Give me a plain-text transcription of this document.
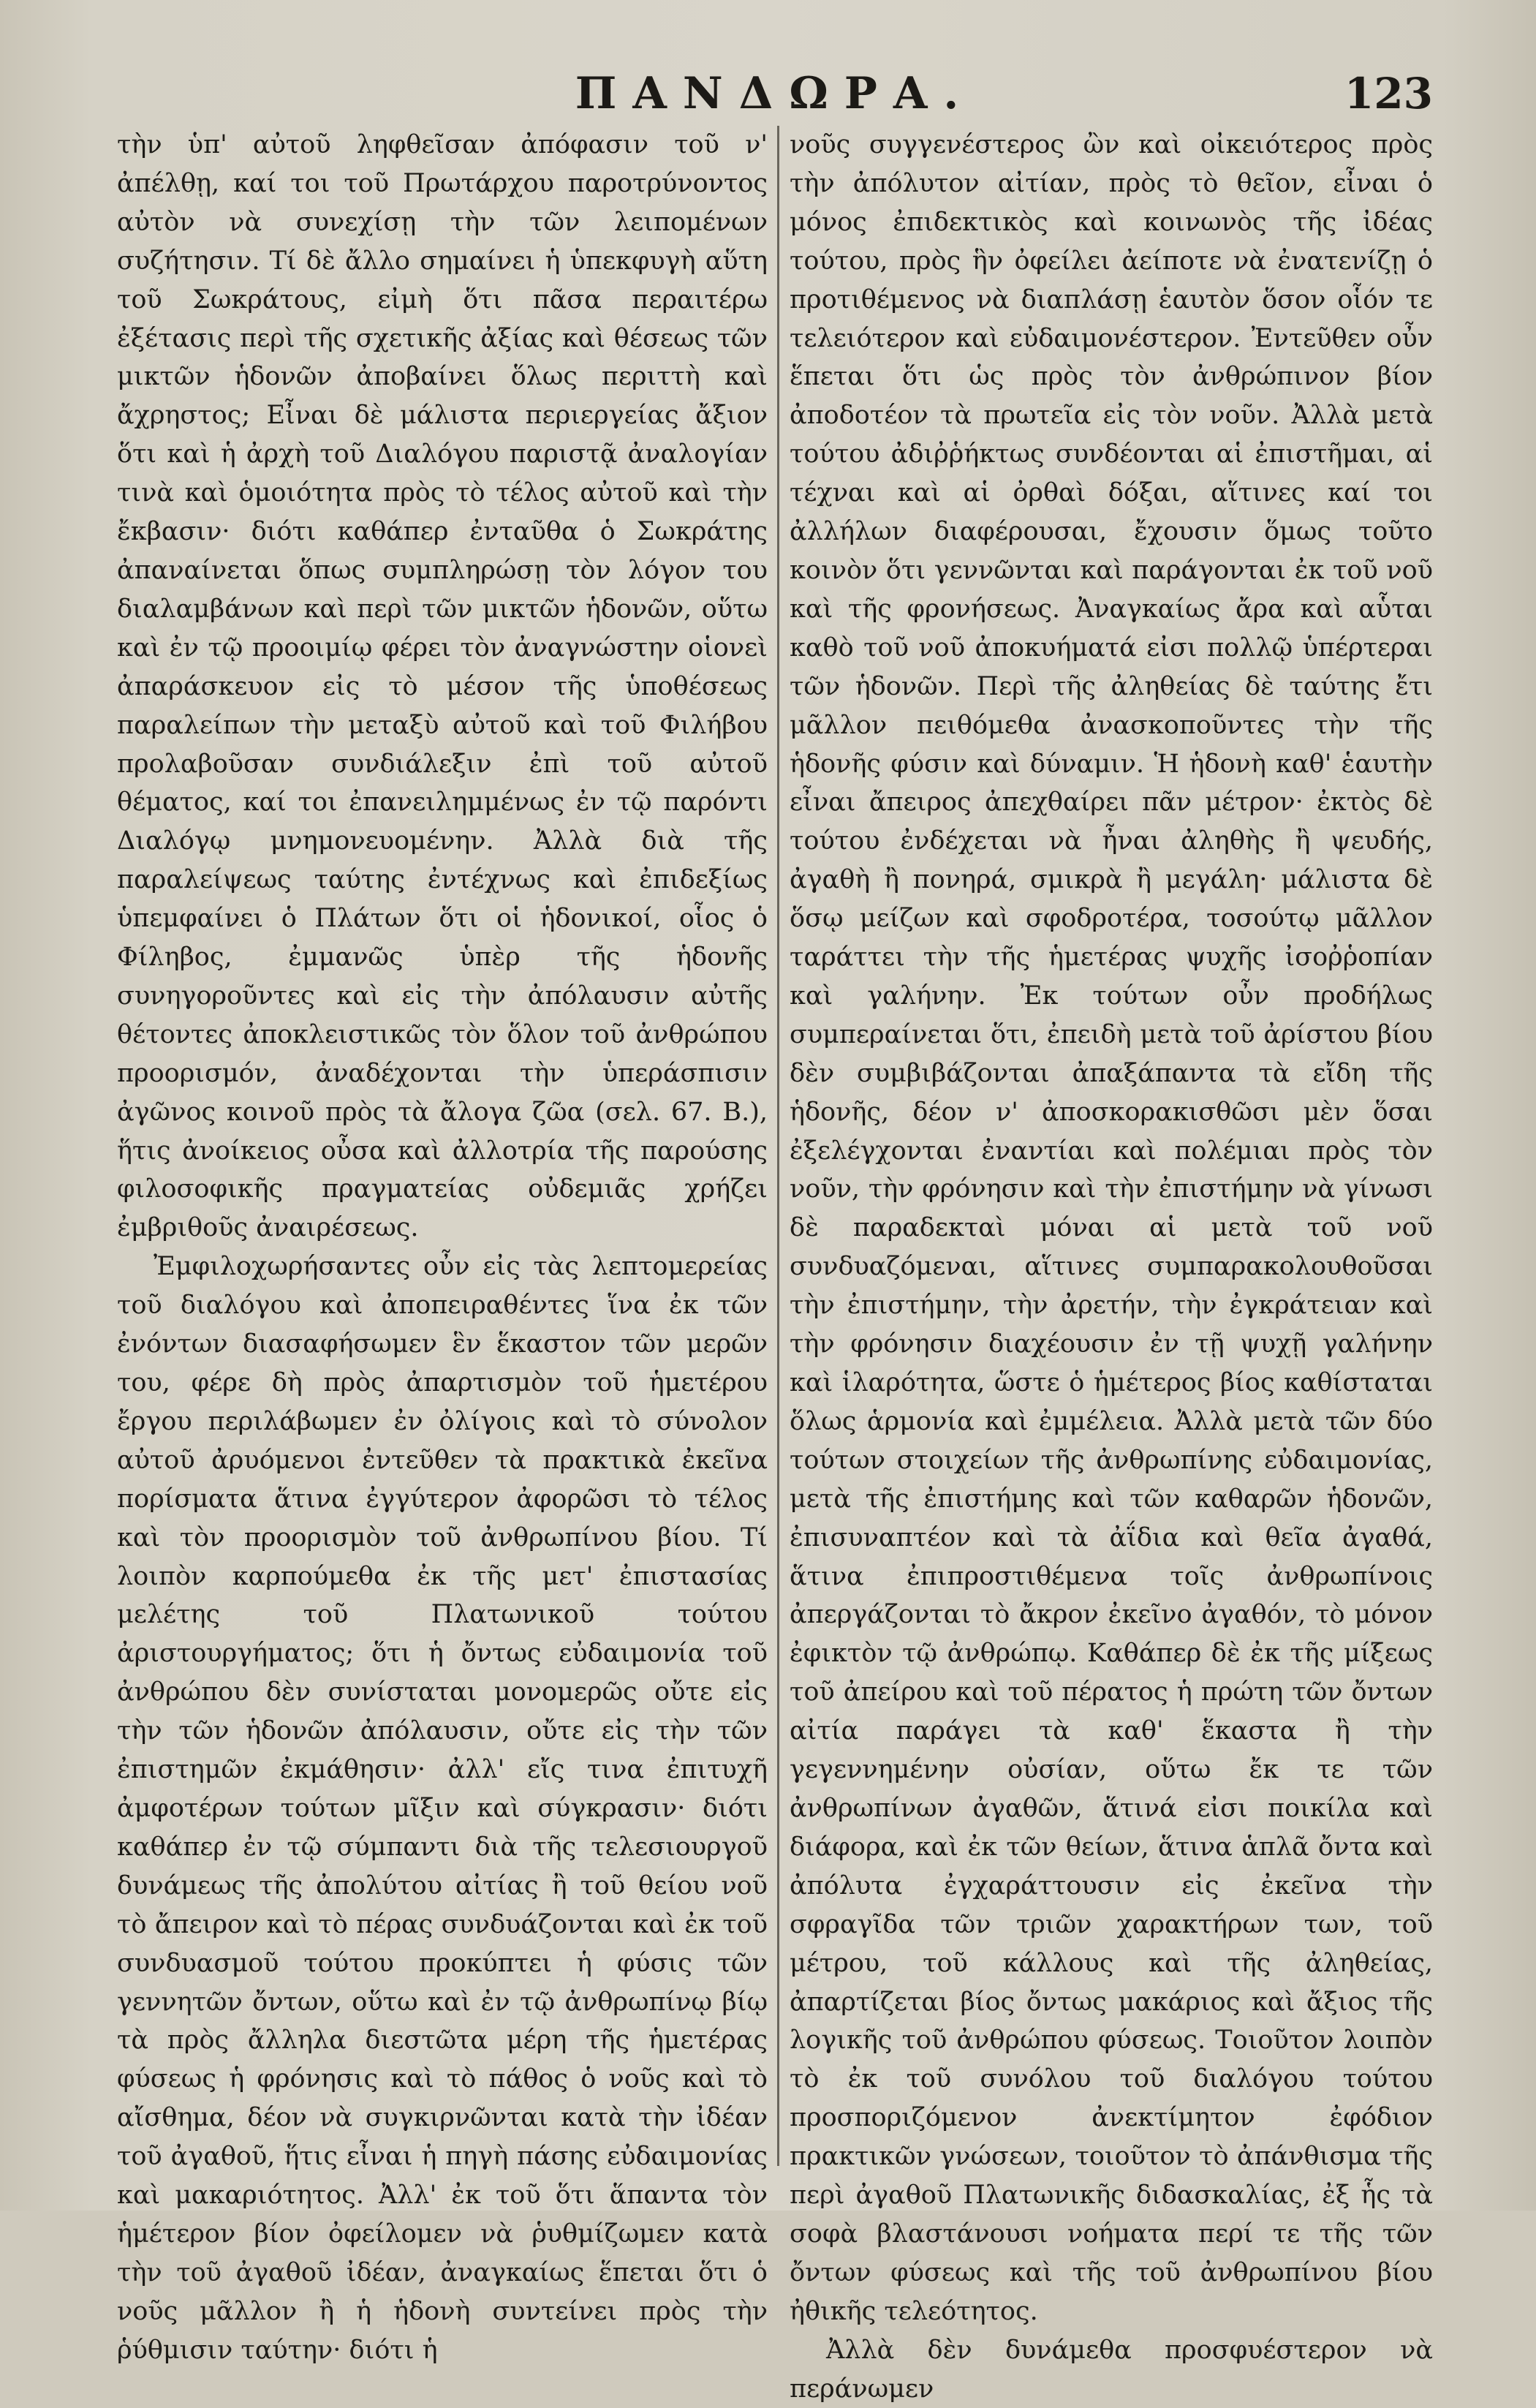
ΠΑΝΔΩΡΑ.	123

τὴν ὑπ' αὐτοῦ ληφθεῖσαν ἀπόφασιν τοῦ ν' ἀπέλθῃ, καί τοι τοῦ Πρωτάρχου παροτρύνοντος αὐτὸν νὰ συνεχίσῃ τὴν τῶν λειπομένων συζήτησιν. Τί δὲ ἄλλο σημαίνει ἡ ὑπεκφυγὴ αὕτη τοῦ Σωκράτους, εἰμὴ ὅτι πᾶσα περαιτέρω ἐξέτασις περὶ τῆς σχετικῆς ἀξίας καὶ θέσεως τῶν μικτῶν ἡδονῶν ἀποβαίνει ὅλως περιττὴ καὶ ἄχρηστος; Εἶναι δὲ μάλιστα περιεργείας ἄξιον ὅτι καὶ ἡ ἀρχὴ τοῦ Διαλόγου παριστᾷ ἀναλογίαν τινὰ καὶ ὁμοιότητα πρὸς τὸ τέλος αὐτοῦ καὶ τὴν ἔκβασιν· διότι καθάπερ ἐνταῦθα ὁ Σωκράτης ἀπαναίνεται ὅπως συμπληρώσῃ τὸν λόγον του διαλαμβάνων καὶ περὶ τῶν μικτῶν ἡδονῶν, οὕτω καὶ ἐν τῷ προοιμίῳ φέρει τὸν ἀναγνώστην οἱονεὶ ἀπαράσκευον εἰς τὸ μέσον τῆς ὑποθέσεως παραλείπων τὴν μεταξὺ αὐτοῦ καὶ τοῦ Φιλήβου προλαβοῦσαν συνδιάλεξιν ἐπὶ τοῦ αὐτοῦ θέματος, καί τοι ἐπανειλημμένως ἐν τῷ παρόντι Διαλόγῳ μνημονευομένην. Ἀλλὰ διὰ τῆς παραλείψεως ταύτης ἐντέχνως καὶ ἐπιδεξίως ὑπεμφαίνει ὁ Πλάτων ὅτι οἱ ἡδονικοί, οἷος ὁ Φίληβος, ἐμμανῶς ὑπὲρ τῆς ἡδονῆς συνηγοροῦντες καὶ εἰς τὴν ἀπόλαυσιν αὐτῆς θέτοντες ἀποκλειστικῶς τὸν ὅλον τοῦ ἀνθρώπου προορισμόν, ἀναδέχονται τὴν ὑπεράσπισιν ἀγῶνος κοινοῦ πρὸς τὰ ἄλογα ζῶα (σελ. 67. Β.), ἥτις ἀνοίκειος οὖσα καὶ ἀλλοτρία τῆς παρούσης φιλοσοφικῆς πραγματείας οὐδεμιᾶς χρήζει ἐμβριθοῦς ἀναιρέσεως.

Ἐμφιλοχωρήσαντες οὖν εἰς τὰς λεπτομερείας τοῦ διαλόγου καὶ ἀποπειραθέντες ἵνα ἐκ τῶν ἐνόντων διασαφήσωμεν ἓν ἕκαστον τῶν μερῶν του, φέρε δὴ πρὸς ἀπαρτισμὸν τοῦ ἡμετέρου ἔργου περιλάβωμεν ἐν ὀλίγοις καὶ τὸ σύνολον αὐτοῦ ἀρυόμενοι ἐντεῦθεν τὰ πρακτικὰ ἐκεῖνα πορίσματα ἅτινα ἐγγύτερον ἀφορῶσι τὸ τέλος καὶ τὸν προορισμὸν τοῦ ἀνθρωπίνου βίου. Τί λοιπὸν καρπούμεθα ἐκ τῆς μετ' ἐπιστασίας μελέτης τοῦ Πλατωνικοῦ τούτου ἀριστουργήματος; ὅτι ἡ ὄντως εὐδαιμονία τοῦ ἀνθρώπου δὲν συνίσταται μονομερῶς οὔτε εἰς τὴν τῶν ἡδονῶν ἀπόλαυσιν, οὔτε εἰς τὴν τῶν ἐπιστημῶν ἐκμάθησιν· ἀλλ' εἴς τινα ἐπιτυχῆ ἀμφοτέρων τούτων μῖξιν καὶ σύγκρασιν· διότι καθάπερ ἐν τῷ σύμπαντι διὰ τῆς τελεσιουργοῦ δυνάμεως τῆς ἀπολύτου αἰτίας ἢ τοῦ θείου νοῦ τὸ ἄπειρον καὶ τὸ πέρας συνδυάζονται καὶ ἐκ τοῦ συνδυασμοῦ τούτου προκύπτει ἡ φύσις τῶν γεννητῶν ὄντων, οὕτω καὶ ἐν τῷ ἀνθρωπίνῳ βίῳ τὰ πρὸς ἄλληλα διεστῶτα μέρη τῆς ἡμετέρας φύσεως ἡ φρόνησις καὶ τὸ πάθος ὁ νοῦς καὶ τὸ αἴσθημα, δέον νὰ συγκιρνῶνται κατὰ τὴν ἰδέαν τοῦ ἀγαθοῦ, ἥτις εἶναι ἡ πηγὴ πάσης εὐδαιμονίας καὶ μακαριότητος. Ἀλλ' ἐκ τοῦ ὅτι ἅπαντα τὸν ἡμέτερον βίον ὀφείλομεν νὰ ῥυθμίζωμεν κατὰ τὴν τοῦ ἀγαθοῦ ἰδέαν, ἀναγκαίως ἕπεται ὅτι ὁ νοῦς μᾶλλον ἢ ἡ ἡδονὴ συντείνει πρὸς τὴν ῥύθμισιν ταύτην· διότι ἡ

νοῦς συγγενέστερος ὢν καὶ οἰκειότερος πρὸς τὴν ἀπόλυτον αἰτίαν, πρὸς τὸ θεῖον, εἶναι ὁ μόνος ἐπιδεκτικὸς καὶ κοινωνὸς τῆς ἰδέας τούτου, πρὸς ἣν ὀφείλει ἀείποτε νὰ ἐνατενίζῃ ὁ προτιθέμενος νὰ διαπλάσῃ ἑαυτὸν ὅσον οἷόν τε τελειότερον καὶ εὐδαιμονέστερον. Ἐντεῦθεν οὖν ἕπεται ὅτι ὡς πρὸς τὸν ἀνθρώπινον βίον ἀποδοτέον τὰ πρωτεῖα εἰς τὸν νοῦν. Ἀλλὰ μετὰ τούτου ἀδιῤῥήκτως συνδέονται αἱ ἐπιστῆμαι, αἱ τέχναι καὶ αἱ ὀρθαὶ δόξαι, αἵτινες καί τοι ἀλλήλων διαφέρουσαι, ἔχουσιν ὅμως τοῦτο κοινὸν ὅτι γεννῶνται καὶ παράγονται ἐκ τοῦ νοῦ καὶ τῆς φρονήσεως. Ἀναγκαίως ἄρα καὶ αὗται καθὸ τοῦ νοῦ ἀποκυήματά εἰσι πολλῷ ὑπέρτεραι τῶν ἡδονῶν. Περὶ τῆς ἀληθείας δὲ ταύτης ἔτι μᾶλλον πειθόμεθα ἀνασκοποῦντες τὴν τῆς ἡδονῆς φύσιν καὶ δύναμιν. Ἡ ἡδονὴ καθ' ἑαυτὴν εἶναι ἄπειρος ἀπεχθαίρει πᾶν μέτρον· ἐκτὸς δὲ τούτου ἐνδέχεται νὰ ἦναι ἀληθὴς ἢ ψευδής, ἀγαθὴ ἢ πονηρά, σμικρὰ ἢ μεγάλη· μάλιστα δὲ ὅσῳ μείζων καὶ σφοδροτέρα, τοσούτῳ μᾶλλον ταράττει τὴν τῆς ἡμετέρας ψυχῆς ἰσοῤῥοπίαν καὶ γαλήνην. Ἐκ τούτων οὖν προδήλως συμπεραίνεται ὅτι, ἐπειδὴ μετὰ τοῦ ἀρίστου βίου δὲν συμβιβάζονται ἀπαξάπαντα τὰ εἴδη τῆς ἡδονῆς, δέον ν' ἀποσκορακισθῶσι μὲν ὅσαι ἐξελέγχονται ἐναντίαι καὶ πολέμιαι πρὸς τὸν νοῦν, τὴν φρόνησιν καὶ τὴν ἐπιστήμην νὰ γίνωσι δὲ παραδεκταὶ μόναι αἱ μετὰ τοῦ νοῦ συνδυαζόμεναι, αἵτινες συμπαρακολουθοῦσαι τὴν ἐπιστήμην, τὴν ἀρετήν, τὴν ἐγκράτειαν καὶ τὴν φρόνησιν διαχέουσιν ἐν τῇ ψυχῇ γαλήνην καὶ ἱλαρότητα, ὥστε ὁ ἡμέτερος βίος καθίσταται ὅλως ἁρμονία καὶ ἐμμέλεια. Ἀλλὰ μετὰ τῶν δύο τούτων στοιχείων τῆς ἀνθρωπίνης εὐδαιμονίας, μετὰ τῆς ἐπιστήμης καὶ τῶν καθαρῶν ἡδονῶν, ἐπισυναπτέον καὶ τὰ ἀΐδια καὶ θεῖα ἀγαθά, ἅτινα ἐπιπροστιθέμενα τοῖς ἀνθρωπίνοις ἀπεργάζονται τὸ ἄκρον ἐκεῖνο ἀγαθόν, τὸ μόνον ἐφικτὸν τῷ ἀνθρώπῳ. Καθάπερ δὲ ἐκ τῆς μίξεως τοῦ ἀπείρου καὶ τοῦ πέρατος ἡ πρώτη τῶν ὄντων αἰτία παράγει τὰ καθ' ἕκαστα ἢ τὴν γεγεννημένην οὐσίαν, οὕτω ἔκ τε τῶν ἀνθρωπίνων ἀγαθῶν, ἅτινά εἰσι ποικίλα καὶ διάφορα, καὶ ἐκ τῶν θείων, ἅτινα ἁπλᾶ ὄντα καὶ ἀπόλυτα ἐγχαράττουσιν εἰς ἐκεῖνα τὴν σφραγῖδα τῶν τριῶν χαρακτήρων των, τοῦ μέτρου, τοῦ κάλλους καὶ τῆς ἀληθείας, ἀπαρτίζεται βίος ὄντως μακάριος καὶ ἄξιος τῆς λογικῆς τοῦ ἀνθρώπου φύσεως. Τοιοῦτον λοιπὸν τὸ ἐκ τοῦ συνόλου τοῦ διαλόγου τούτου προσποριζόμενον ἀνεκτίμητον ἐφόδιον πρακτικῶν γνώσεων, τοιοῦτον τὸ ἀπάνθισμα τῆς περὶ ἀγαθοῦ Πλατωνικῆς διδασκαλίας, ἐξ ἧς τὰ σοφὰ βλαστάνουσι νοήματα περί τε τῆς τῶν ὄντων φύσεως καὶ τῆς τοῦ ἀνθρωπίνου βίου ἠθικῆς τελεότητος.

Ἀλλὰ δὲν δυνάμεθα προσφυέστερον νὰ περάνωμεν
